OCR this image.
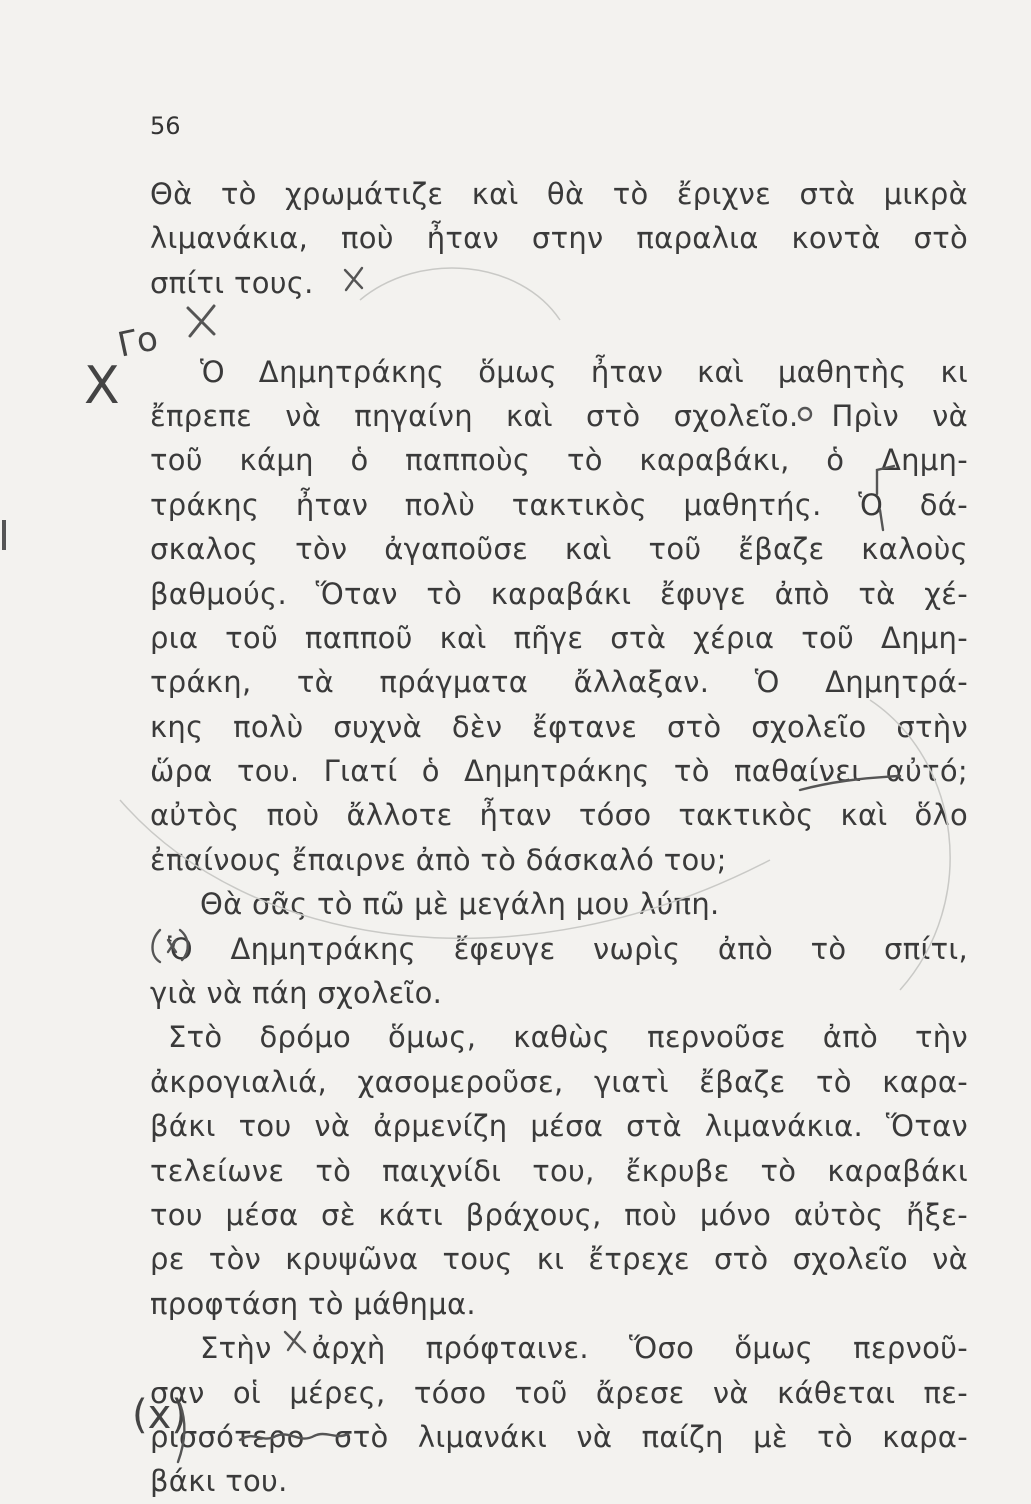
56
Θὰ τὸ χρωμάτιζε καὶ θὰ τὸ ἔριχνε στὰ μικρὰ
λιμανάκια, ποὺ ἦταν στην παραλια κοντὰ στὸ
σπίτι τους.
Ὁ Δημητράκης ὅμως ἦταν καὶ μαθητὴς κι
ἔπρεπε νὰ πηγαίνη καὶ στὸ σχολεῖο. Πρὶν νὰ
τοῦ κάμη ὁ παπποὺς τὸ καραβάκι, ὁ Δημη-
τράκης ἦταν πολὺ τακτικὸς μαθητής. Ὁ δά-
σκαλος τὸν ἀγαποῦσε καὶ τοῦ ἔβαζε καλοὺς
βαθμούς. Ὅταν τὸ καραβάκι ἔφυγε ἀπὸ τὰ χέ-
ρια τοῦ παπποῦ καὶ πῆγε στὰ χέρια τοῦ Δημη-
τράκη, τὰ πράγματα ἄλλαξαν. Ὁ Δημητρά-
κης πολὺ συχνὰ δὲν ἔφτανε στὸ σχολεῖο στὴν
ὥρα του. Γιατί ὁ Δημητράκης τὸ παθαίνει αὐτό;
αὐτὸς ποὺ ἄλλοτε ἦταν τόσο τακτικὸς καὶ ὅλο
ἐπαίνους ἔπαιρνε ἀπὸ τὸ δάσκαλό του;
Θὰ σᾶς τὸ πῶ μὲ μεγάλη μου λύπη.
Ὁ Δημητράκης ἔφευγε νωρὶς ἀπὸ τὸ σπίτι,
γιὰ νὰ πάη σχολεῖο.
Στὸ δρόμο ὅμως, καθὼς περνοῦσε ἀπὸ τὴν
ἀκρογιαλιά, χασομεροῦσε, γιατὶ ἔβαζε τὸ καρα-
βάκι του νὰ ἀρμενίζη μέσα στὰ λιμανάκια. Ὅταν
τελείωνε τὸ παιχνίδι του, ἔκρυβε τὸ καραβάκι
του μέσα σὲ κάτι βράχους, ποὺ μόνο αὐτὸς ἤξε-
ρε τὸν κρυψῶνα τους κι ἔτρεχε στὸ σχολεῖο νὰ
προφτάση τὸ μάθημα.
Στὴν ἀρχὴ πρόφταινε. Ὅσο ὅμως περνοῦ-
σαν οἱ μέρες, τόσο τοῦ ἄρεσε νὰ κάθεται πε-
ρισσότερο στὸ λιμανάκι νὰ παίζη μὲ τὸ καρα-
βάκι του.
Γο
X
(x)
